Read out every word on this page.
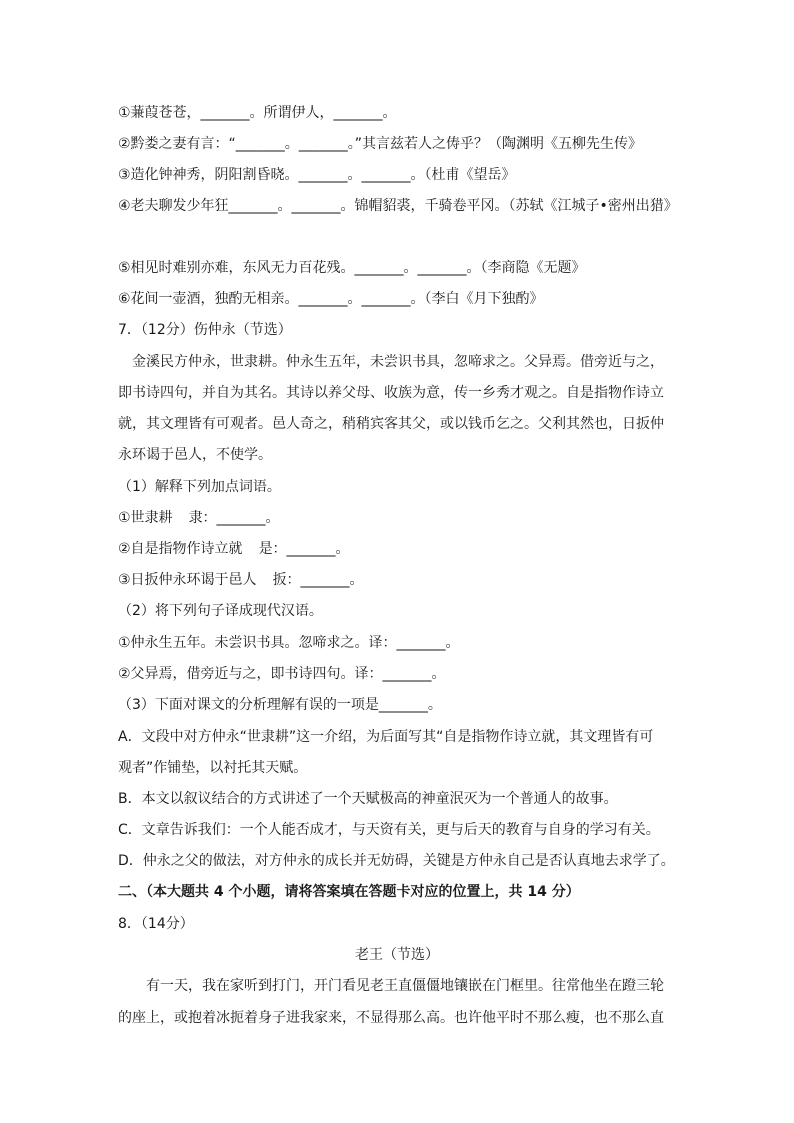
①蒹葭苍苍，_______。所谓伊人，_______。
②黔娄之妻有言：“_______。_______。”其言兹若人之俦乎？（陶渊明《五柳先生传》
③造化钟神秀，阴阳割昏晓。_______。_______。（杜甫《望岳》
④老夫聊发少年狂_______。_______。锦帽貂裘，千骑卷平冈。（苏轼《江城子•密州出猎》
⑤相见时难别亦难，东风无力百花残。_______。_______。（李商隐《无题》
⑥花间一壶酒，独酌无相亲。_______。_______。（李白《月下独酌》
7．（12分）伤仲永（节选）
金溪民方仲永，世隶耕。仲永生五年，未尝识书具，忽啼求之。父异焉。借旁近与之，
即书诗四句，并自为其名。其诗以养父母、收族为意，传一乡秀才观之。自是指物作诗立
就，其文理皆有可观者。邑人奇之，稍稍宾客其父，或以钱币乞之。父利其然也，日扳仲
永环谒于邑人，不使学。
（1）解释下列加点词语。
①世隶耕 隶：_______。
②自是指物作诗立就 是：_______。
③日扳仲永环谒于邑人 扳：_______。
（2）将下列句子译成现代汉语。
①仲永生五年。未尝识书具。忽啼求之。译：_______。
②父异焉，借旁近与之，即书诗四句。译：_______。
（3）下面对课文的分析理解有误的一项是_______。
A．文段中对方仲永“世隶耕”这一介绍，为后面写其“自是指物作诗立就，其文理皆有可
观者”作铺垫，以衬托其天赋。
B．本文以叙议结合的方式讲述了一个天赋极高的神童泯灭为一个普通人的故事。
C．文章告诉我们：一个人能否成才，与天资有关，更与后天的教育与自身的学习有关。
D．仲永之父的做法，对方仲永的成长并无妨碍，关键是方仲永自己是否认真地去求学了。
二、（本大题共 4 个小题，请将答案填在答题卡对应的位置上，共 14 分）
8．（14分）
老王（节选）
有一天，我在家听到打门，开门看见老王直僵僵地镶嵌在门框里。往常他坐在蹬三轮
的座上，或抱着冰扼着身子进我家来，不显得那么高。也许他平时不那么瘦，也不那么直
